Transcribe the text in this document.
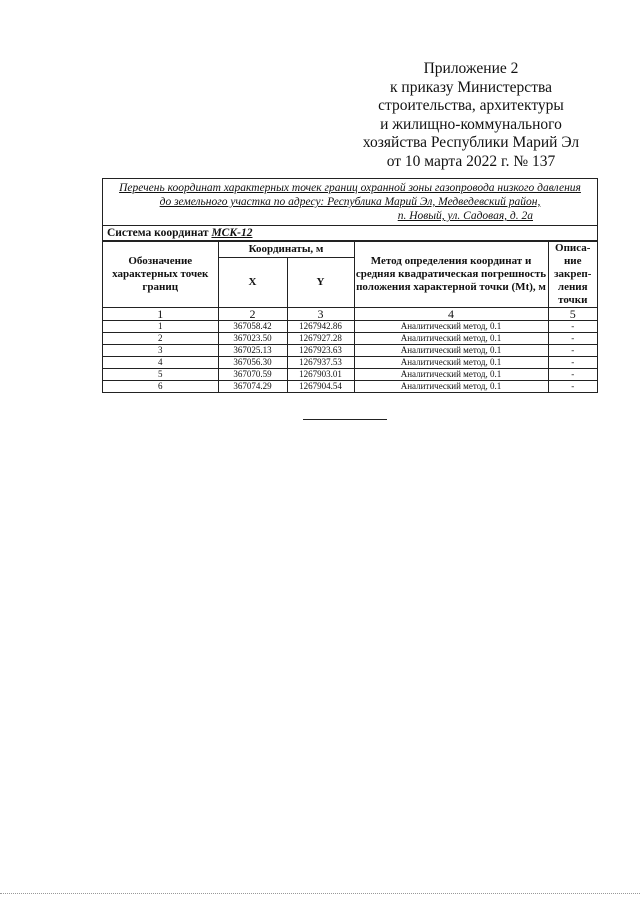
Приложение 2
к приказу Министерства
строительства, архитектуры
и жилищно-коммунального
хозяйства Республики Марий Эл
от 10 марта 2022 г. № 137
Перечень координат характерных точек границ охранной зоны газопровода низкого давления
до земельного участка по адресу: Республика Марий Эл, Медведевский район,
п. Новый, ул. Садовая, д. 2а
Система координат МСК-12
Обозначение характерных точек границ	Координаты, м		Метод определения координат и средняя квадратическая погрешность положения характерной точки (Mt), м	Описа-ние закреп-ления точки
	X	Y		
1	2	3	4	5
1	367058.42	1267942.86	Аналитический метод, 0.1	-
2	367023.50	1267927.28	Аналитический метод, 0.1	-
3	367025.13	1267923.63	Аналитический метод, 0.1	-
4	367056.30	1267937.53	Аналитический метод, 0.1	-
5	367070.59	1267903.01	Аналитический метод, 0.1	-
6	367074.29	1267904.54	Аналитический метод, 0.1	-
